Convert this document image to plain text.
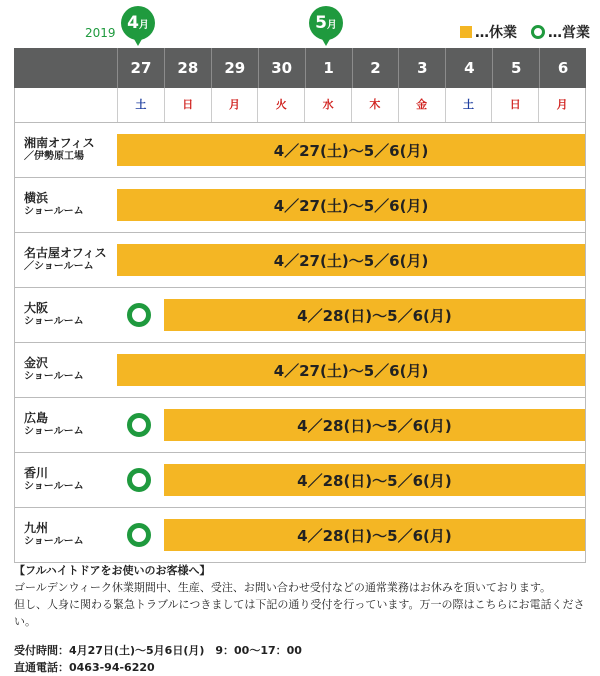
2019 4月	5月	…休業 …営業
27	28	29	30	1	2	3	4	5	6
土	日	月	火	水	木	金	土	日	月
湘南オフィス
／伊勢原工場	4／27(土)～5／6(月)
横浜
ショールーム	4／27(土)～5／6(月)
名古屋オフィス
／ショールーム	4／27(土)～5／6(月)
大阪
ショールーム	4／28(日)～5／6(月)
金沢
ショールーム	4／27(土)～5／6(月)
広島
ショールーム	4／28(日)～5／6(月)
香川
ショールーム	4／28(日)～5／6(月)
九州
ショールーム	4／28(日)～5／6(月)
【フルハイトドアをお使いのお客様へ】
ゴールデンウィーク休業期間中、生産、受注、お問い合わせ受付などの通常業務はお休みを頂いております。
但し、人身に関わる緊急トラブルにつきましては下記の通り受付を行っています。万一の際はこちらにお電話ください。
受付時間：4月27日(土)～5月6日(月)　9：00～17：00
直通電話：0463-94-6220
